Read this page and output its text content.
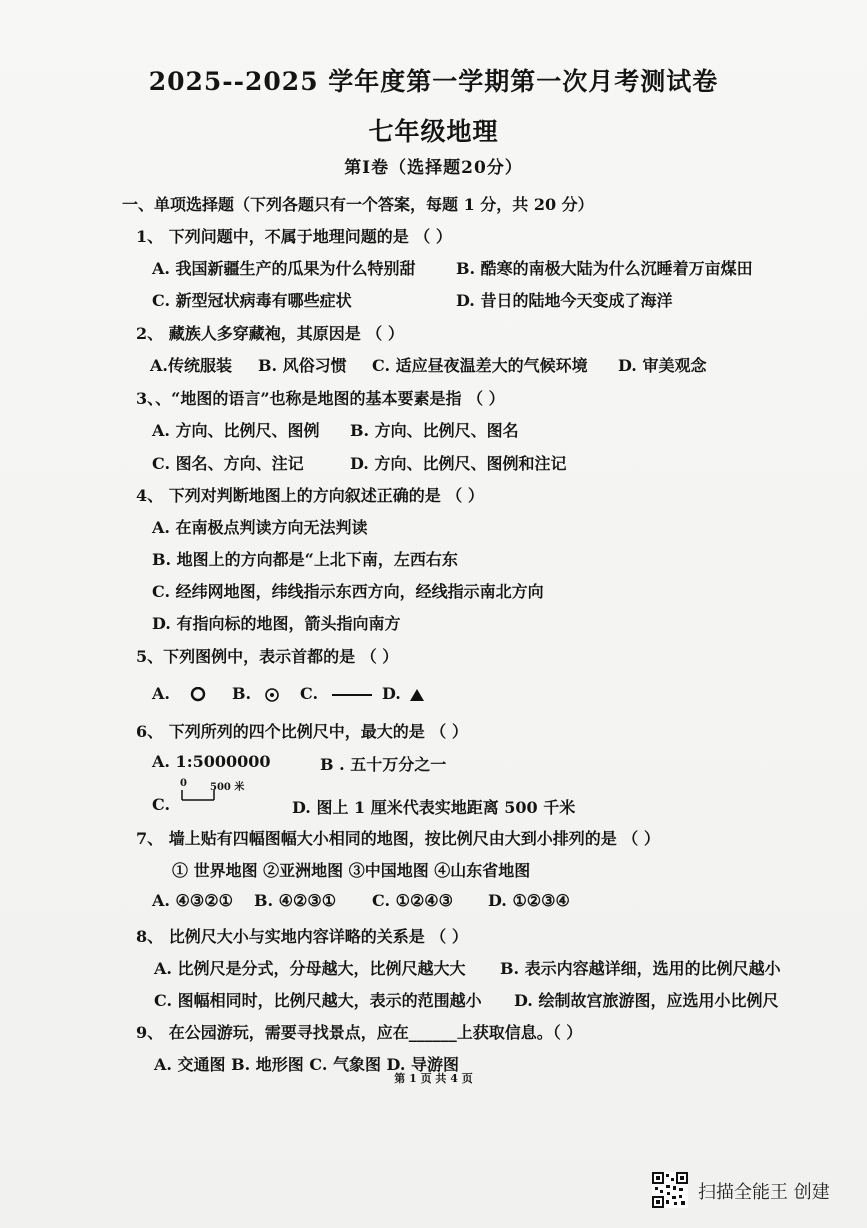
2025--2025 学年度第一学期第一次月考测试卷
七年级地理
第Ⅰ卷（选择题20分）
一、单项选择题（下列各题只有一个答案，每题 1 分，共 20 分）
1、 下列问题中，不属于地理问题的是 （ ）
A. 我国新疆生产的瓜果为什么特别甜	B. 酷寒的南极大陆为什么沉睡着万亩煤田
C. 新型冠状病毒有哪些症状	D. 昔日的陆地今天变成了海洋
2、 藏族人多穿藏袍，其原因是 （ ）
A.传统服装 B. 风俗习惯 C. 适应昼夜温差大的气候环境 D. 审美观念
3、、“地图的语言”也称是地图的基本要素是指 （ ）
A. 方向、比例尺、图例 B. 方向、比例尺、图名
C. 图名、方向、注记	D. 方向、比例尺、图例和注记
4、 下列对判断地图上的方向叙述正确的是 （ ）
A. 在南极点判读方向无法判读
B. 地图上的方向都是“上北下南，左西右东
C. 经纬网地图，纬线指示东西方向，经线指示南北方向
D. 有指向标的地图，箭头指向南方
5、下列图例中，表示首都的是 （ ）
A.	B.	C.	D.
6、 下列所列的四个比例尺中，最大的是 （ ）
A. 1:5000000	B . 五十万分之一
C.
0 500 米
D. 图上 1 厘米代表实地距离 500 千米
7、 墙上贴有四幅图幅大小相同的地图，按比例尺由大到小排列的是 （ ）
① 世界地图 ②亚洲地图 ③中国地图 ④山东省地图
A. ④③②① B. ④②③① C. ①②④③ D. ①②③④
8、 比例尺大小与实地内容详略的关系是 （ ）
A. 比例尺是分式，分母越大，比例尺越大大 B. 表示内容越详细，选用的比例尺越小
C. 图幅相同时，比例尺越大，表示的范围越小 D. 绘制故宫旅游图，应选用小比例尺
9、 在公园游玩，需要寻找景点，应在______上获取信息。（ ）
A. 交通图 B. 地形图 C. 气象图 D. 导游图
第 1 页 共 4 页
扫描全能王 创建
